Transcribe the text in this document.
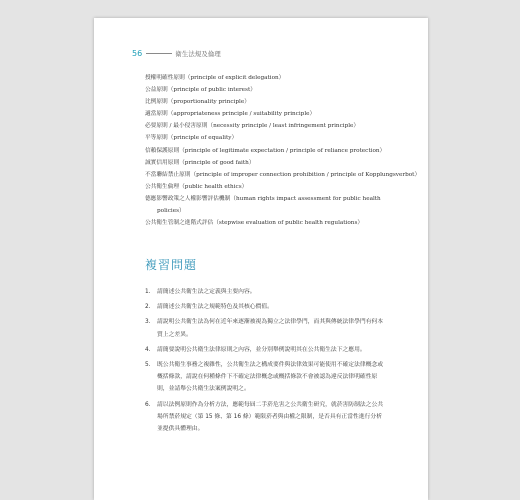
56	衛生法規及倫理
授權明確性原則（principle of explicit delegation）
公益原則（principle of public interest）
比例原則（proportionality principle）
適當原則（appropriateness principle / suitability principle）
必要原則 / 最小侵害原則（necessity principle / least infringement principle）
平等原則（principle of equality）
信賴保護原則（principle of legitimate expectation / principle of reliance protection）
誠實信用原則（principle of good faith）
不當聯結禁止原則（principle of improper connection prohibition / principle of Kopplungsverbot）
公共衛生倫理（public health ethics）
德應影響政策之人權影響評估機制（human rights impact assessment for public health
policies）
公共衛生管制之進階式評估（stepwise evaluation of public health regulations）
複習問題
1.	請簡述公共衛生法之定義與主要內容。
2.	請簡述公共衛生法之規範特色及其核心價值。
3.	請說明公共衛生法為何在近年來逐漸被視為獨立之法律學門，而其與傳統法律學門有何本質上之差異。
4.	請簡要說明公共衛生法律原則之內容，並分別舉例說明其在公共衛生法下之應用。
5.	既公共衛生事務之複雜性，公共衛生法之構成要件與法律效果可能使用不確定法律概念或概括條款，請說在何種條件下不確定法律概念或概括條款不會被認為違反法律明確性原則，並請舉公共衛生法案例說明之。
6.	請以法例原則作為分析方法，應範每屆二手菸危害之公共衛生研究，就菸害防制法之公共場所禁菸規定（第 15 條、第 16 條）範限菸者與由權之限制，是否具有正當性進行分析並提供具體理由。
